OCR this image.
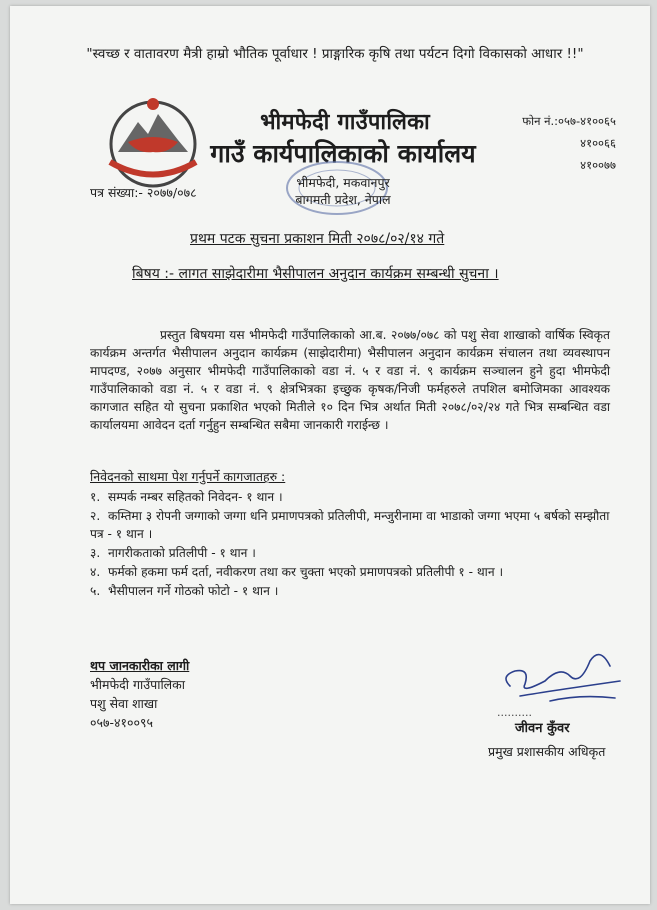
"स्वच्छ र वातावरण मैत्री हाम्रो भौतिक पूर्वाधार ! प्राङ्गारिक कृषि तथा पर्यटन दिगो विकासको आधार !!"
भीमफेदी गाउँपालिका
गाउँ कार्यपालिकाको कार्यालय
फोन नं.:०५७-४१००६५
४१००६६
४१००७७
भीमफेदी, मकवानपुर
बागमती प्रदेश, नेपाल
पत्र संख्या:- २०७७/०७८
प्रथम पटक सुचना प्रकाशन मिती २०७८/०२/१४ गते
बिषय :- लागत साझेदारीमा भैसीपालन अनुदान कार्यक्रम सम्बन्धी सुचना ।
प्रस्तुत बिषयमा यस भीमफेदी गाउँपालिकाको आ.ब. २०७७/०७८ को पशु सेवा शाखाको वार्षिक स्विकृत कार्यक्रम अन्तर्गत भैसीपालन अनुदान कार्यक्रम (साझेदारीमा) भैसीपालन अनुदान कार्यक्रम संचालन तथा व्यवस्थापन मापदण्ड, २०७७ अनुसार भीमफेदी गाउँपालिकाको वडा नं. ५ र वडा नं. ९ कार्यक्रम सञ्चालन हुने हुदा भीमफेदी गाउँपालिकाको वडा नं. ५ र वडा नं. ९ क्षेत्रभित्रका इच्छुक कृषक/निजी फर्महरुले तपशिल बमोजिमका आवश्यक कागजात सहित यो सुचना प्रकाशित भएको मितीले १० दिन भित्र अर्थात मिती २०७८/०२/२४ गते भित्र सम्बन्धित वडा कार्यालयमा आवेदन दर्ता गर्नुहुन सम्बन्धित सबैमा जानकारी गराईन्छ ।
निवेदनको साथमा पेश गर्नुपर्ने कागजातहरु :
१. सम्पर्क नम्बर सहितको निवेदन- १ थान ।
२. कम्तिमा ३ रोपनी जग्गाको जग्गा धनि प्रमाणपत्रको प्रतिलीपी, मन्जुरीनामा वा भाडाको जग्गा भएमा ५ बर्षको सम्झौता पत्र - १ थान ।
३. नागरीकताको प्रतिलीपी - १ थान ।
४. फर्मको हकमा फर्म दर्ता, नवीकरण तथा कर चुक्ता भएको प्रमाणपत्रको प्रतिलीपी १ - थान ।
५. भैसीपालन गर्ने गोठको फोटो - १ थान ।
थप जानकारीका लागी
भीमफेदी गाउँपालिका
पशु सेवा शाखा
०५७-४१००९५
..........
जीवन कुँवर
प्रमुख प्रशासकीय अधिकृत
